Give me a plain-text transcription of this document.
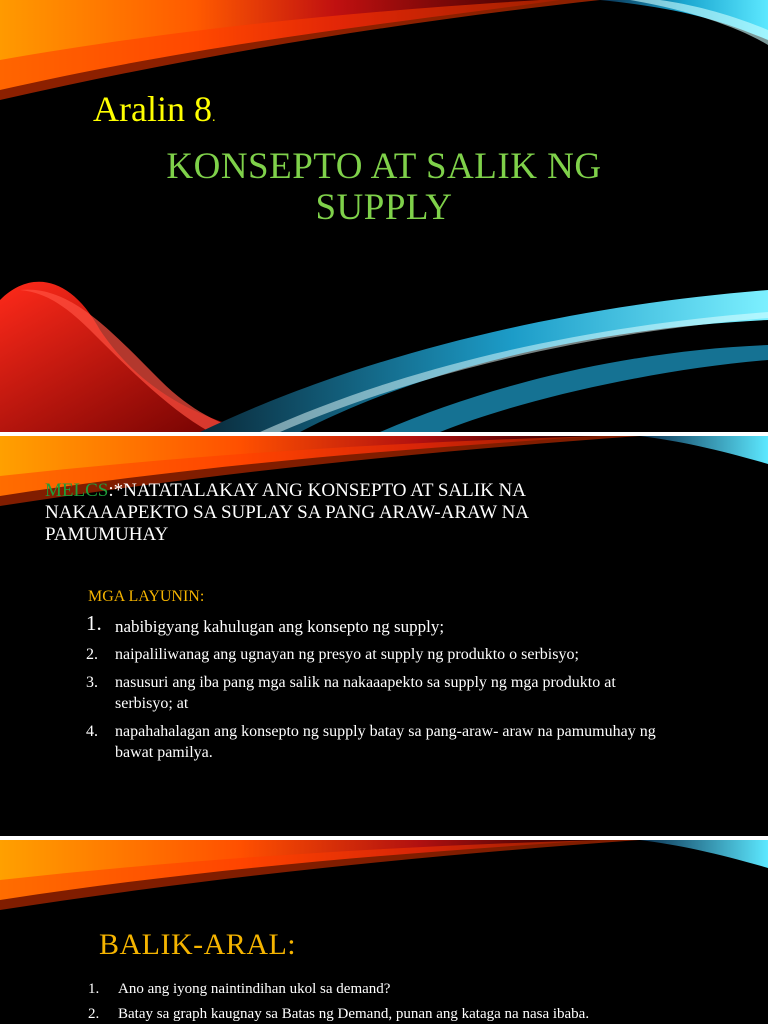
Aralin 8.
KONSEPTO AT SALIK NG
SUPPLY
MELCS:*NATATALAKAY ANG KONSEPTO AT SALIK NA NAKAAAPEKTO SA SUPLAY SA PANG ARAW-ARAW NA PAMUMUHAY
MGA LAYUNIN:
1. nabibigyang kahulugan ang konsepto ng supply;
2. naipaliliwanag ang ugnayan ng presyo at supply ng produkto o serbisyo;
3. nasusuri ang iba pang mga salik na nakaaapekto sa supply ng mga produkto at serbisyo; at
4. napahahalagan ang konsepto ng supply batay sa pang-araw- araw na pamumuhay ng bawat pamilya.
BALIK-ARAL:
1. Ano ang iyong naintindihan ukol sa demand?
2. Batay sa graph kaugnay sa Batas ng Demand, punan ang kataga na nasa ibaba.
